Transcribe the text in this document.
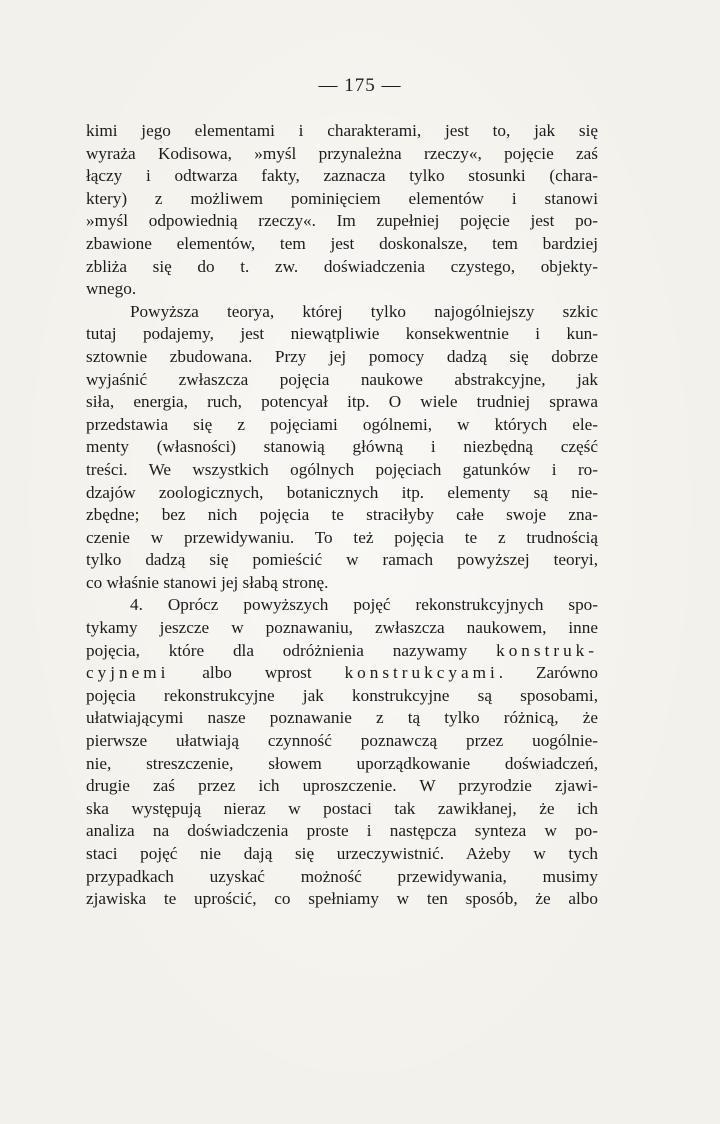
— 175 —
kimi jego elementami i charakterami, jest to, jak się
wyraża Kodisowa, »myśl przynależna rzeczy«, pojęcie zaś
łączy i odtwarza fakty, zaznacza tylko stosunki (chara-
ktery) z możliwem pominięciem elementów i stanowi
»myśl odpowiednią rzeczy«. Im zupełniej pojęcie jest po-
zbawione elementów, tem jest doskonalsze, tem bardziej
zbliża się do t. zw. doświadczenia czystego, objekty-
wnego.
Powyższa teorya, której tylko najogólniejszy szkic
tutaj podajemy, jest niewątpliwie konsekwentnie i kun-
sztownie zbudowana. Przy jej pomocy dadzą się dobrze
wyjaśnić zwłaszcza pojęcia naukowe abstrakcyjne, jak
siła, energia, ruch, potencyał itp. O wiele trudniej sprawa
przedstawia się z pojęciami ogólnemi, w których ele-
menty (własności) stanowią główną i niezbędną część
treści. We wszystkich ogólnych pojęciach gatunków i ro-
dzajów zoologicznych, botanicznych itp. elementy są nie-
zbędne; bez nich pojęcia te straciłyby całe swoje zna-
czenie w przewidywaniu. To też pojęcia te z trudnością
tylko dadzą się pomieścić w ramach powyższej teoryi,
co właśnie stanowi jej słabą stronę.
4. Oprócz powyższych pojęć rekonstrukcyjnych spo-
tykamy jeszcze w poznawaniu, zwłaszcza naukowem, inne
pojęcia, które dla odróżnienia nazywamy konstruk-
cyjnemi albo wprost konstrukcyami. Zarówno
pojęcia rekonstrukcyjne jak konstrukcyjne są sposobami,
ułatwiającymi nasze poznawanie z tą tylko różnicą, że
pierwsze ułatwiają czynność poznawczą przez uogólnie-
nie, streszczenie, słowem uporządkowanie doświadczeń,
drugie zaś przez ich uproszczenie. W przyrodzie zjawi-
ska występują nieraz w postaci tak zawikłanej, że ich
analiza na doświadczenia proste i następcza synteza w po-
staci pojęć nie dają się urzeczywistnić. Ażeby w tych
przypadkach uzyskać możność przewidywania, musimy
zjawiska te uprościć, co spełniamy w ten sposób, że albo
